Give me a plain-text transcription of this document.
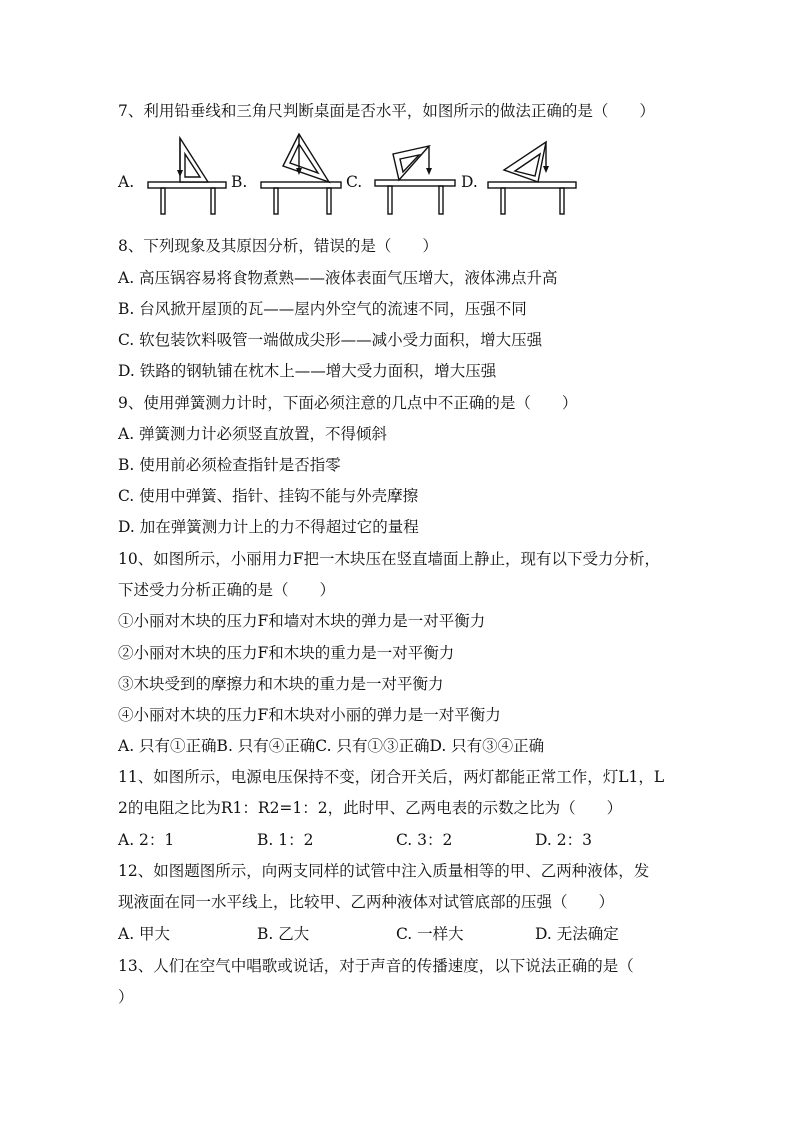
7、利用铅垂线和三角尺判断桌面是否水平，如图所示的做法正确的是（　　）
A.	B.	C.	D.
8、下列现象及其原因分析，错误的是（　　）
A. 高压锅容易将食物煮熟——液体表面气压增大，液体沸点升高
B. 台风掀开屋顶的瓦——屋内外空气的流速不同，压强不同
C. 软包装饮料吸管一端做成尖形——减小受力面积，增大压强
D. 铁路的钢轨铺在枕木上——增大受力面积，增大压强
9、使用弹簧测力计时，下面必须注意的几点中不正确的是（　　）
A. 弹簧测力计必须竖直放置，不得倾斜
B. 使用前必须检查指针是否指零
C. 使用中弹簧、指针、挂钩不能与外壳摩擦
D. 加在弹簧测力计上的力不得超过它的量程
10、如图所示，小丽用力F把一木块压在竖直墙面上静止，现有以下受力分析，
下述受力分析正确的是（　　）
①小丽对木块的压力F和墙对木块的弹力是一对平衡力
②小丽对木块的压力F和木块的重力是一对平衡力
③木块受到的摩擦力和木块的重力是一对平衡力
④小丽对木块的压力F和木块对小丽的弹力是一对平衡力
A. 只有①正确B. 只有④正确C. 只有①③正确D. 只有③④正确
11、如图所示，电源电压保持不变，闭合开关后，两灯都能正常工作，灯L1，L
2的电阻之比为R1：R2=1：2，此时甲、乙两电表的示数之比为（　　）
A. 2：1	B. 1：2	C. 3：2	D. 2：3
12、如图题图所示，向两支同样的试管中注入质量相等的甲、乙两种液体，发
现液面在同一水平线上，比较甲、乙两种液体对试管底部的压强（　　）
A. 甲大	B. 乙大	C. 一样大	D. 无法确定
13、人们在空气中唱歌或说话，对于声音的传播速度，以下说法正确的是（
）
